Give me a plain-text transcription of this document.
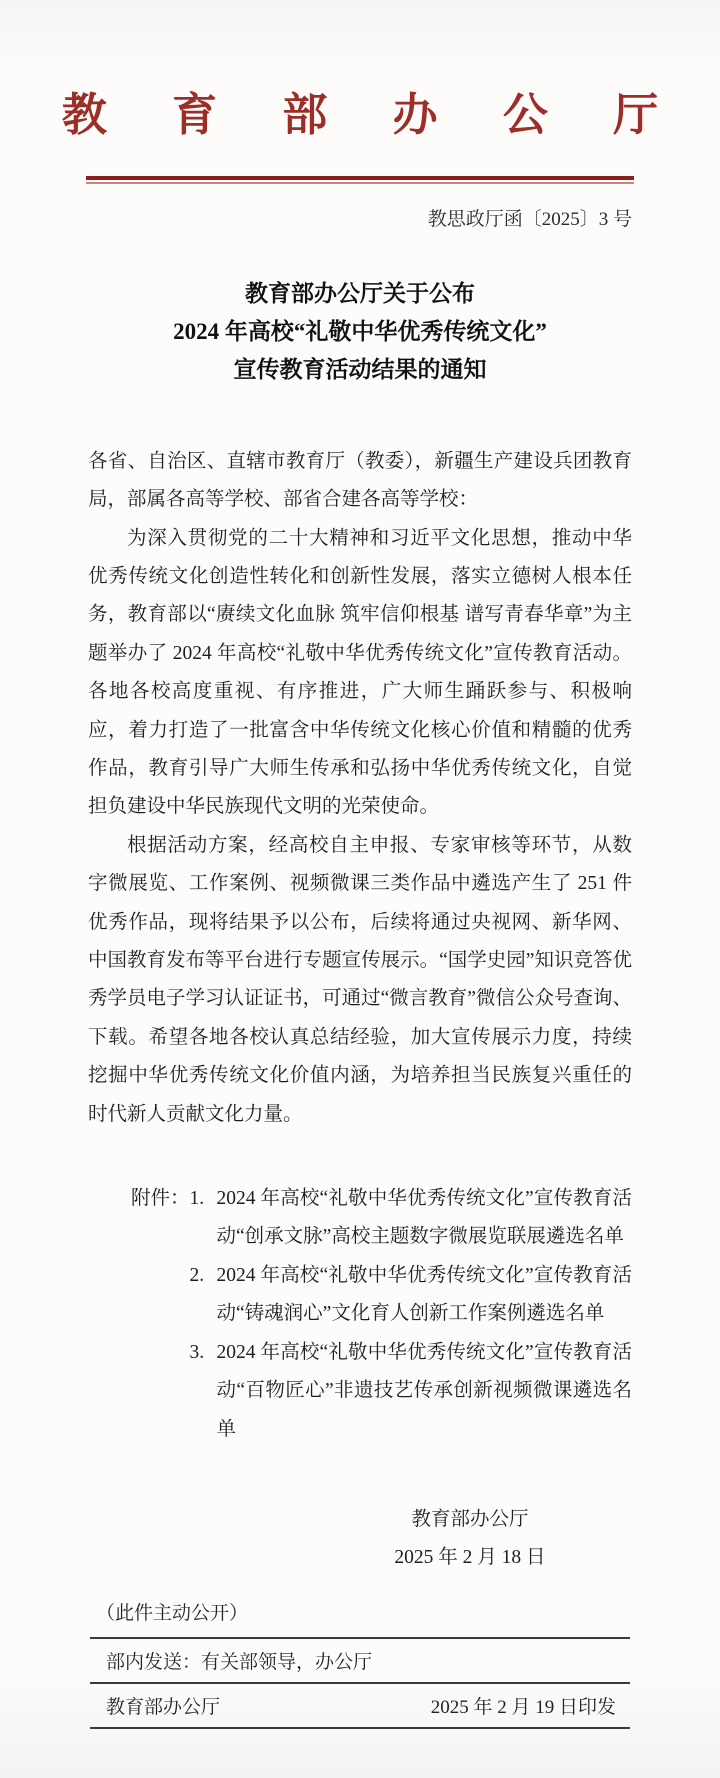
教 育 部 办 公 厅
教思政厅函〔2025〕3 号
教育部办公厅关于公布
2024 年高校“礼敬中华优秀传统文化”
宣传教育活动结果的通知

各省、自治区、直辖市教育厅（教委），新疆生产建设兵团教育局，部属各高等学校、部省合建各高等学校：

为深入贯彻党的二十大精神和习近平文化思想，推动中华优秀传统文化创造性转化和创新性发展，落实立德树人根本任务，教育部以“赓续文化血脉 筑牢信仰根基 谱写青春华章”为主题举办了 2024 年高校“礼敬中华优秀传统文化”宣传教育活动。各地各校高度重视、有序推进，广大师生踊跃参与、积极响应，着力打造了一批富含中华传统文化核心价值和精髓的优秀作品，教育引导广大师生传承和弘扬中华优秀传统文化，自觉担负建设中华民族现代文明的光荣使命。

根据活动方案，经高校自主申报、专家审核等环节，从数字微展览、工作案例、视频微课三类作品中遴选产生了 251 件优秀作品，现将结果予以公布，后续将通过央视网、新华网、中国教育发布等平台进行专题宣传展示。“国学史园”知识竞答优秀学员电子学习认证证书，可通过“微言教育”微信公众号查询、下载。希望各地各校认真总结经验，加大宣传展示力度，持续挖掘中华优秀传统文化价值内涵，为培养担当民族复兴重任的时代新人贡献文化力量。

附件： 1. 2024 年高校“礼敬中华优秀传统文化”宣传教育活动“创承文脉”高校主题数字微展览联展遴选名单
2. 2024 年高校“礼敬中华优秀传统文化”宣传教育活动“铸魂润心”文化育人创新工作案例遴选名单
3. 2024 年高校“礼敬中华优秀传统文化”宣传教育活动“百物匠心”非遗技艺传承创新视频微课遴选名单
教育部办公厅
2025 年 2 月 18 日
（此件主动公开）
部内发送：有关部领导，办公厅
教育部办公厅	2025 年 2 月 19 日印发
